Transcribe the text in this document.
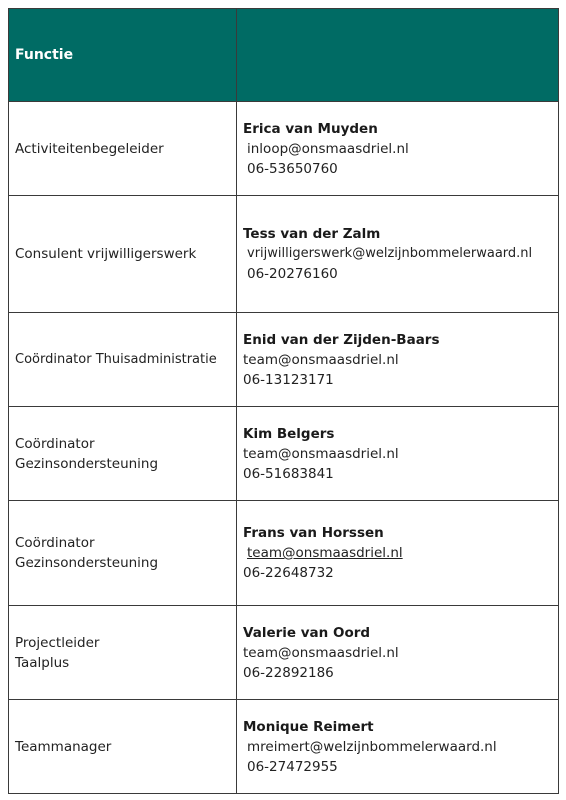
Functie	

Activiteitenbegeleider	Erica van Muyden
inloop@onsmaasdriel.nl
06-53650760

Consulent vrijwilligerswerk	Tess van der Zalm
vrijwilligerswerk@welzijnbommelerwaard.nl
06-20276160

Coördinator Thuisadministratie	Enid van der Zijden-Baars
team@onsmaasdriel.nl
06-13123171

Coördinator
Gezinsondersteuning	Kim Belgers
team@onsmaasdriel.nl
06-51683841

Coördinator
Gezinsondersteuning	Frans van Horssen
team@onsmaasdriel.nl
06-22648732

Projectleider
Taalplus	Valerie van Oord
team@onsmaasdriel.nl
06-22892186

Teammanager	Monique Reimert
mreimert@welzijnbommelerwaard.nl
06-27472955
